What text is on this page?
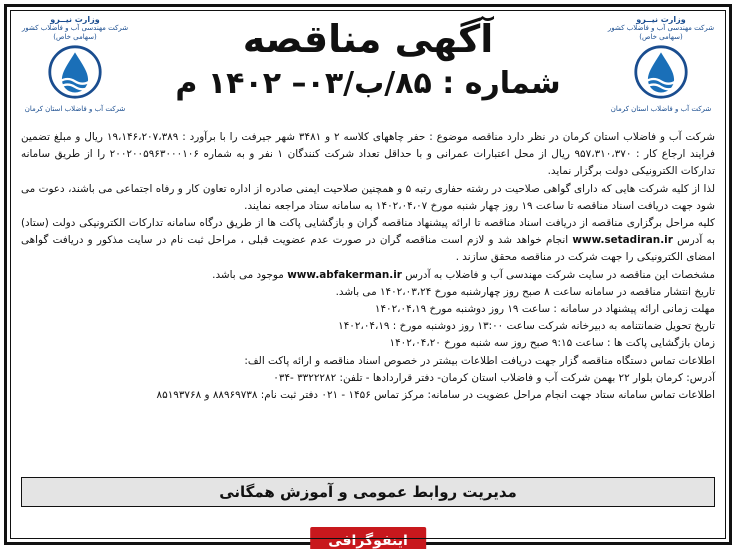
وزارت نیــرو
شرکت مهندسی آب و فاضلاب کشور
(سهامی خاص)
شرکت آب و فاضلاب استان کرمان
وزارت نیــرو
شرکت مهندسی آب و فاضلاب کشور
(سهامی خاص)
شرکت آب و فاضلاب استان کرمان
آگهی مناقصه
شماره : ۸۵/ب/۰۳– ۱۴۰۲ م

شرکت آب و فاضلاب استان کرمان در نظر دارد مناقصه موضوع : حفر چاههای کلاسه ۲ و ۳۴۸۱ شهر جیرفت را با برآورد : ۱۹،۱۴۶،۲۰۷،۳۸۹ ریال و مبلغ تضمین فرایند ارجاع کار : ۹۵۷،۳۱۰،۳۷۰ ریال از محل اعتبارات عمرانی و با حداقل تعداد شرکت کنندگان ۱ نفر و به شماره ۲۰۰۲۰۰۵۹۶۳۰۰۰۱۰۶ را از طریق سامانه تدارکات الکترونیکی دولت برگزار نماید.

لذا از کلیه شرکت هایی که دارای گواهی صلاحیت در رشته حفاری رتبه ۵ و همچنین صلاحیت ایمنی صادره از اداره تعاون کار و رفاه اجتماعی می باشند، دعوت می شود جهت دریافت اسناد مناقصه تا ساعت ۱۹ روز چهار شنبه مورخ ۱۴۰۲،۰۴،۰۷ به سامانه ستاد مراجعه نمایند.

کلیه مراحل برگزاری مناقصه از دریافت اسناد مناقصه تا ارائه پیشنهاد مناقصه گران و بازگشایی پاکت ها از طریق درگاه سامانه تدارکات الکترونیکی دولت (ستاد) به آدرس www.setadiran.ir انجام خواهد شد و لازم است مناقصه گران در صورت عدم عضویت قبلی ، مراحل ثبت نام در سایت مذکور و دریافت گواهی امضای الکترونیکی را جهت شرکت در مناقصه محقق سازند .

مشخصات این مناقصه در سایت شرکت مهندسی آب و فاضلاب به آدرس www.abfakerman.ir موجود می باشد.

تاریخ انتشار مناقصه در سامانه ساعت ۸ صبح روز چهارشنبه مورخ ۱۴۰۲،۰۳،۲۴ می باشد.

مهلت زمانی ارائه پیشنهاد در سامانه : ساعت ۱۹ روز دوشنبه مورخ ۱۴۰۲،۰۴،۱۹

تاریخ تحویل ضمانتنامه به دبیرخانه شرکت ساعت ۱۳:۰۰ روز دوشنبه مورخ : ۱۴۰۲،۰۴،۱۹

زمان بازگشایی پاکت ها : ساعت ۹:۱۵ صبح روز سه شنبه مورخ ۱۴۰۲،۰۴،۲۰

اطلاعات تماس دستگاه مناقصه گزار جهت دریافت اطلاعات بیشتر در خصوص اسناد مناقصه و ارائه پاکت الف:

آدرس: کرمان بلوار ۲۲ بهمن شرکت آب و فاضلاب استان کرمان- دفتر قراردادها - تلفن: ۳۳۲۲۲۸۲ -۰۳۴

اطلاعات تماس سامانه ستاد جهت انجام مراحل عضویت در سامانه: مرکز تماس ۱۴۵۶ - ۰۲۱ دفتر ثبت نام: ۸۸۹۶۹۷۳۸ و ۸۵۱۹۳۷۶۸

مدیریت روابط عمومی و آموزش همگانی
اینفوگرافی
